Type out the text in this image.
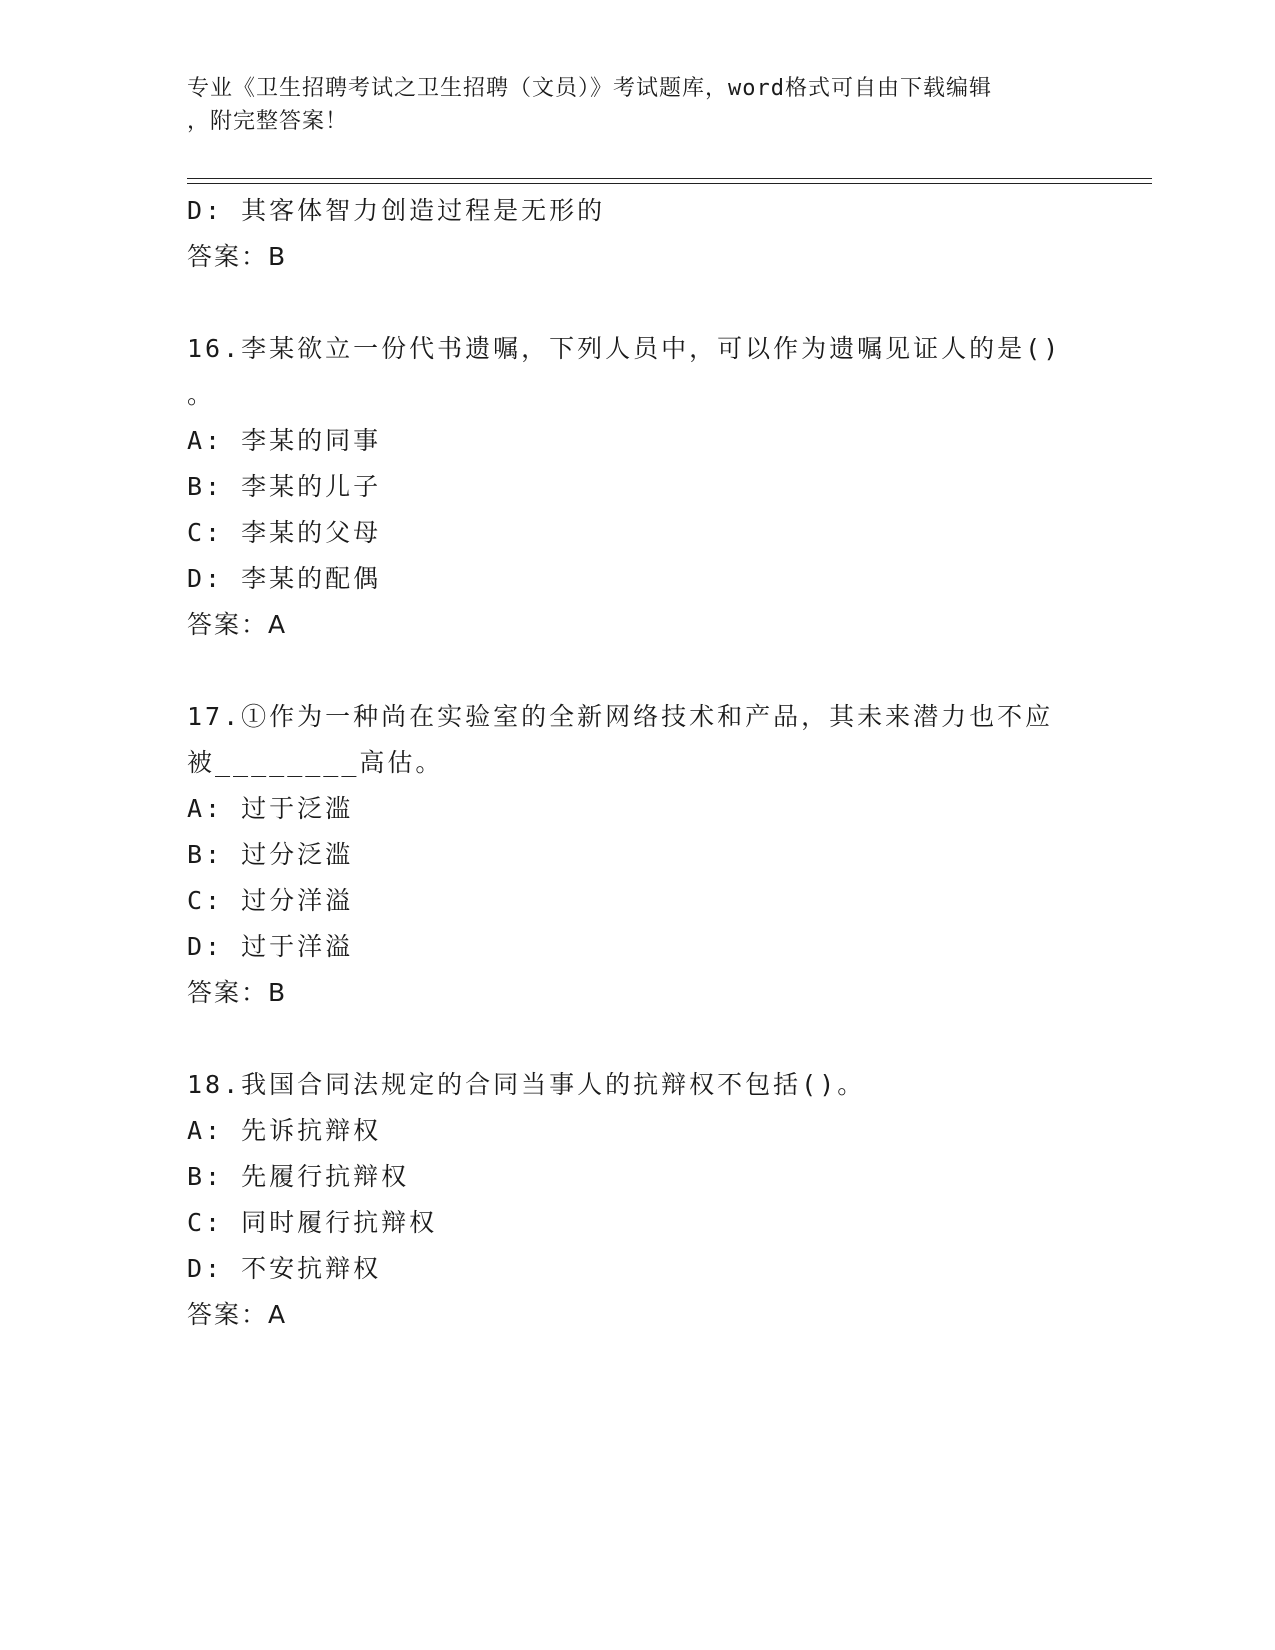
专业《卫生招聘考试之卫生招聘（文员）》考试题库，word格式可自由下载编辑
，附完整答案！
D: 其客体智力创造过程是无形的
答案：B
16.李某欲立一份代书遗嘱，下列人员中，可以作为遗嘱见证人的是()
。
A: 李某的同事
B: 李某的儿子
C: 李某的父母
D: 李某的配偶
答案：A
17.①作为一种尚在实验室的全新网络技术和产品，其未来潜力也不应
被________高估。
A: 过于泛滥
B: 过分泛滥
C: 过分洋溢
D: 过于洋溢
答案：B
18.我国合同法规定的合同当事人的抗辩权不包括()。
A: 先诉抗辩权
B: 先履行抗辩权
C: 同时履行抗辩权
D: 不安抗辩权
答案：A
